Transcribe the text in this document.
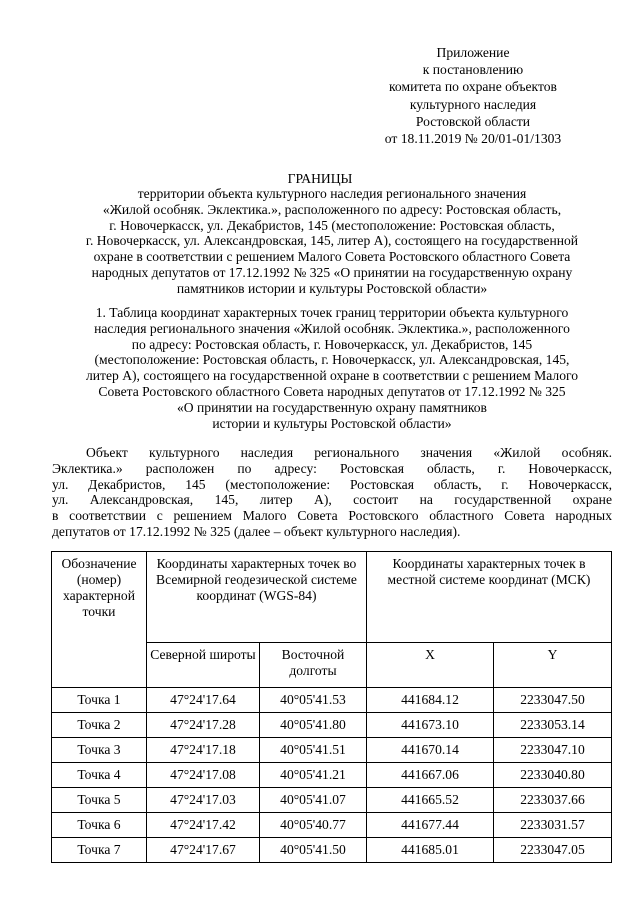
Приложение
к постановлению
комитета по охране объектов
культурного наследия
Ростовской области
от 18.11.2019 № 20/01-01/1303
ГРАНИЦЫ
территории объекта культурного наследия регионального значения
«Жилой особняк. Эклектика.», расположенного по адресу: Ростовская область,
г. Новочеркасск, ул. Декабристов, 145 (местоположение: Ростовская область,
г. Новочеркасск, ул. Александровская, 145, литер А), состоящего на государственной
охране в соответствии с решением Малого Совета Ростовского областного Совета
народных депутатов от 17.12.1992 № 325 «О принятии на государственную охрану
памятников истории и культуры Ростовской области»
1. Таблица координат характерных точек границ территории объекта культурного
наследия регионального значения «Жилой особняк. Эклектика.», расположенного
по адресу: Ростовская область, г. Новочеркасск, ул. Декабристов, 145
(местоположение: Ростовская область, г. Новочеркасск, ул. Александровская, 145,
литер А), состоящего на государственной охране в соответствии с решением Малого
Совета Ростовского областного Совета народных депутатов от 17.12.1992 № 325
«О принятии на государственную охрану памятников
истории и культуры Ростовской области»
Объект культурного наследия регионального значения «Жилой особняк.
Эклектика.» расположен по адресу: Ростовская область, г. Новочеркасск,
ул. Декабристов, 145 (местоположение: Ростовская область, г. Новочеркасск,
ул. Александровская, 145, литер А), состоит на государственной охране
в соответствии с решением Малого Совета Ростовского областного Совета народных
депутатов от 17.12.1992 № 325 (далее – объект культурного наследия).
Обозначение (номер) характерной точки	Координаты характерных точек во Всемирной геодезической системе координат (WGS-84)		Координаты характерных точек в местной системе координат (МСК)	
	Северной широты	Восточной долготы	X	Y
Точка 1	47°24'17.64	40°05'41.53	441684.12	2233047.50
Точка 2	47°24'17.28	40°05'41.80	441673.10	2233053.14
Точка 3	47°24'17.18	40°05'41.51	441670.14	2233047.10
Точка 4	47°24'17.08	40°05'41.21	441667.06	2233040.80
Точка 5	47°24'17.03	40°05'41.07	441665.52	2233037.66
Точка 6	47°24'17.42	40°05'40.77	441677.44	2233031.57
Точка 7	47°24'17.67	40°05'41.50	441685.01	2233047.05
